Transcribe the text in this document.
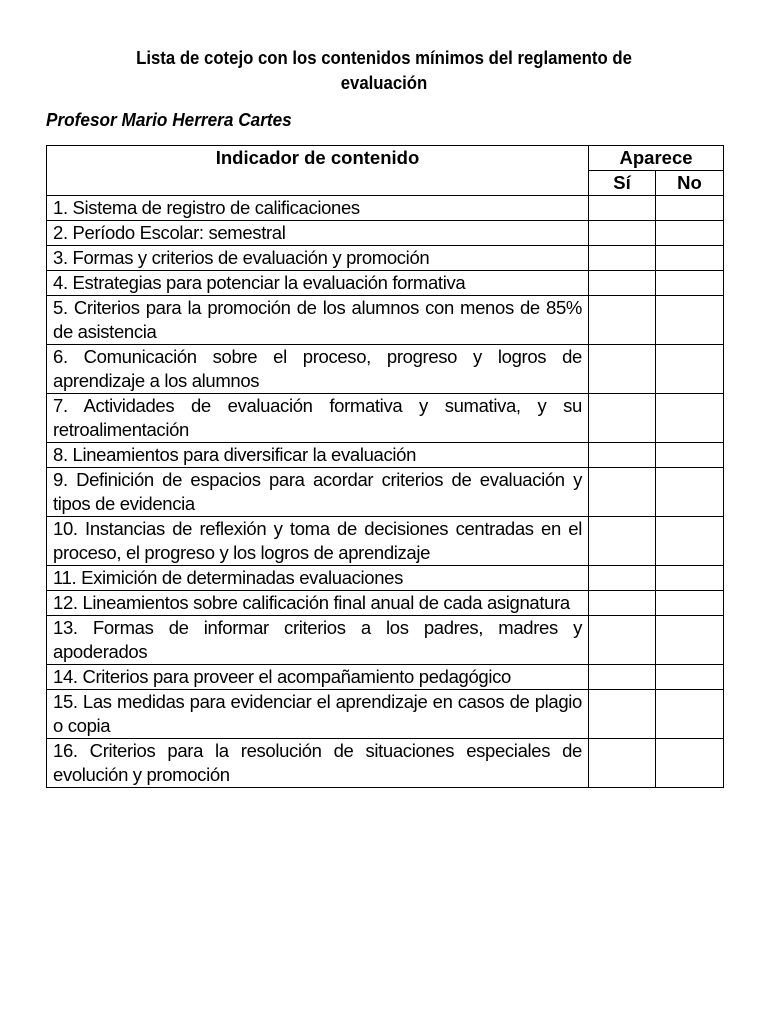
Lista de cotejo con los contenidos mínimos del reglamento de
evaluación
Profesor Mario Herrera Cartes
Indicador de contenido	Aparece	
	Sí	No

1. Sistema de registro de calificaciones		

2. Período Escolar: semestral		

3. Formas y criterios de evaluación y promoción		

4. Estrategias para potenciar la evaluación formativa		

5. Criterios para la promoción de los alumnos con menos de 85% de asistencia		

6. Comunicación sobre el proceso, progreso y logros de aprendizaje a los alumnos		

7. Actividades de evaluación formativa y sumativa, y su retroalimentación		

8. Lineamientos para diversificar la evaluación		

9. Definición de espacios para acordar criterios de evaluación y tipos de evidencia		

10. Instancias de reflexión y toma de decisiones centradas en el proceso, el progreso y los logros de aprendizaje		

11. Eximición de determinadas evaluaciones		

12. Lineamientos sobre calificación final anual de cada asignatura		

13. Formas de informar criterios a los padres, madres y apoderados		

14. Criterios para proveer el acompañamiento pedagógico		

15. Las medidas para evidenciar el aprendizaje en casos de plagio o copia		

16. Criterios para la resolución de situaciones especiales de evolución y promoción		
